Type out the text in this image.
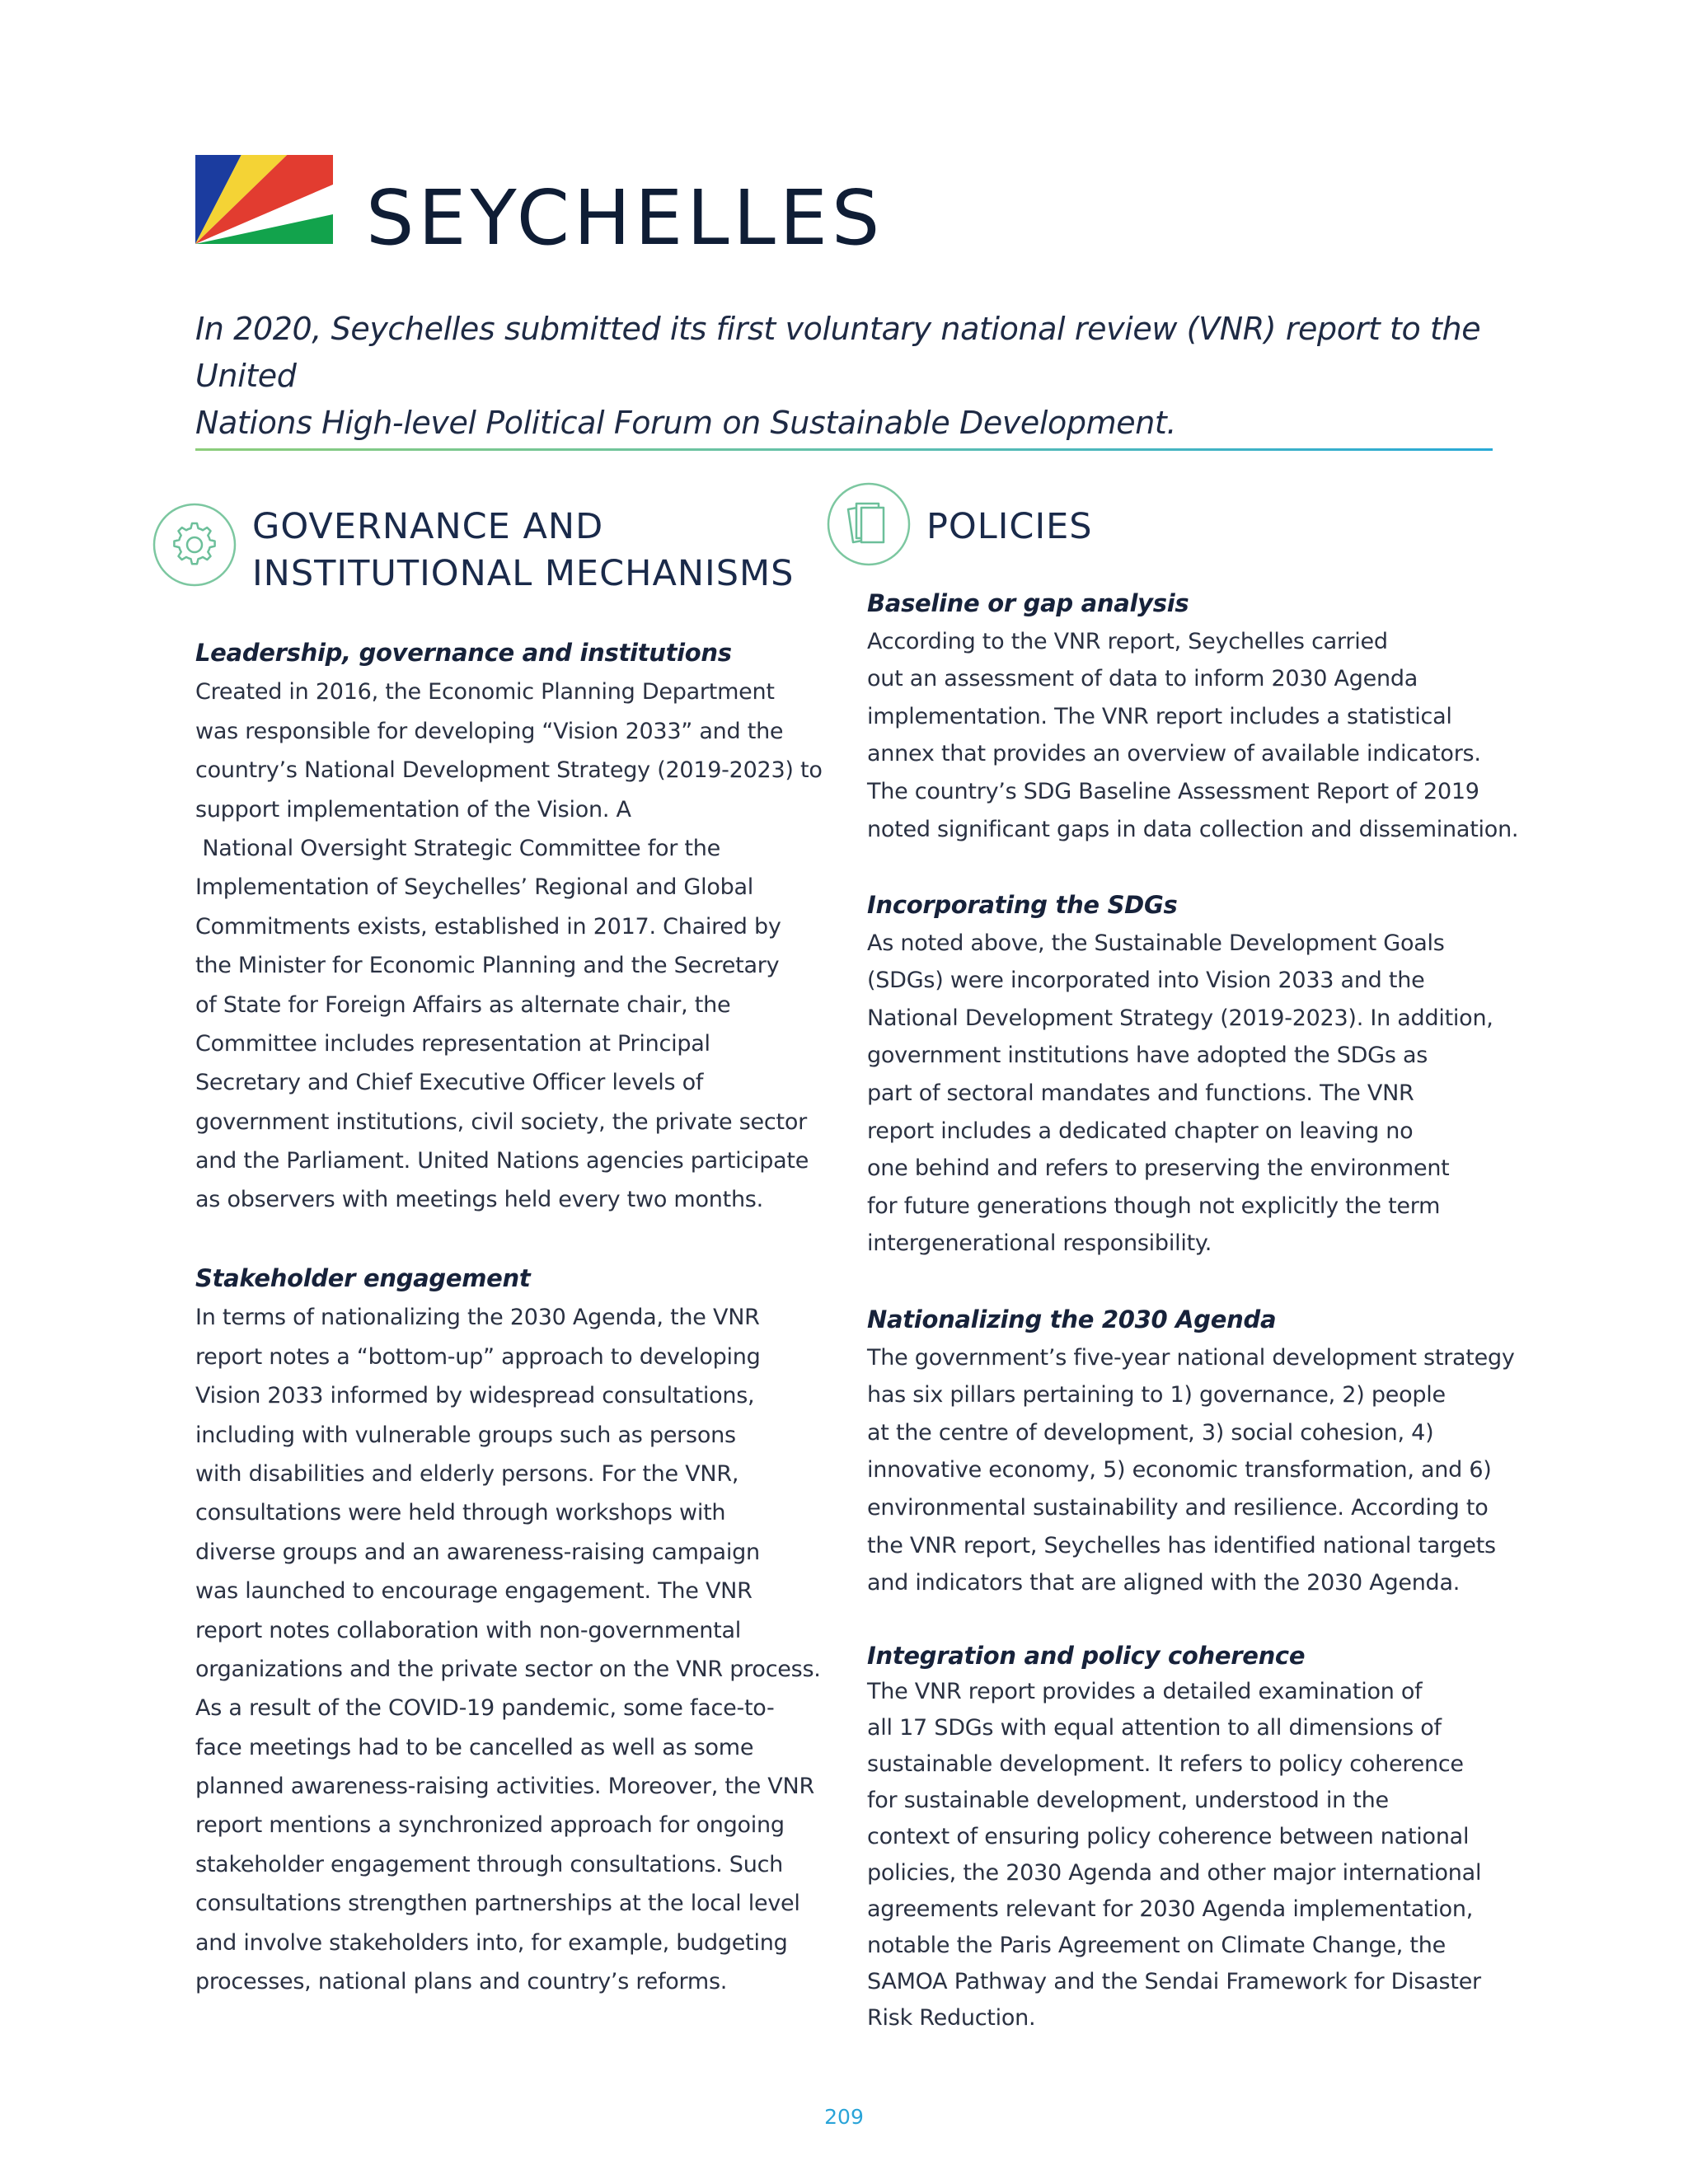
SEYCHELLES

In 2020, Seychelles submitted its first voluntary national review (VNR) report to the United
Nations High-level Political Forum on Sustainable Development.

GOVERNANCE AND
INSTITUTIONAL MECHANISMS
Leadership, governance and institutions
Created in 2016, the Economic Planning Department
was responsible for developing “Vision 2033” and the
country’s National Development Strategy (2019-2023) to
support implementation of the Vision. A
National Oversight Strategic Committee for the
Implementation of Seychelles’ Regional and Global
Commitments exists, established in 2017. Chaired by
the Minister for Economic Planning and the Secretary
of State for Foreign Affairs as alternate chair, the
Committee includes representation at Principal
Secretary and Chief Executive Officer levels of
government institutions, civil society, the private sector
and the Parliament. United Nations agencies participate
as observers with meetings held every two months.
Stakeholder engagement
In terms of nationalizing the 2030 Agenda, the VNR
report notes a “bottom-up” approach to developing
Vision 2033 informed by widespread consultations,
including with vulnerable groups such as persons
with disabilities and elderly persons. For the VNR,
consultations were held through workshops with
diverse groups and an awareness-raising campaign
was launched to encourage engagement. The VNR
report notes collaboration with non-governmental
organizations and the private sector on the VNR process.
As a result of the COVID-19 pandemic, some face-to-
face meetings had to be cancelled as well as some
planned awareness-raising activities. Moreover, the VNR
report mentions a synchronized approach for ongoing
stakeholder engagement through consultations. Such
consultations strengthen partnerships at the local level
and involve stakeholders into, for example, budgeting
processes, national plans and country’s reforms.
POLICIES
Baseline or gap analysis
According to the VNR report, Seychelles carried
out an assessment of data to inform 2030 Agenda
implementation. The VNR report includes a statistical
annex that provides an overview of available indicators.
The country’s SDG Baseline Assessment Report of 2019
noted significant gaps in data collection and dissemination.
Incorporating the SDGs
As noted above, the Sustainable Development Goals
(SDGs) were incorporated into Vision 2033 and the
National Development Strategy (2019-2023). In addition,
government institutions have adopted the SDGs as
part of sectoral mandates and functions. The VNR
report includes a dedicated chapter on leaving no
one behind and refers to preserving the environment
for future generations though not explicitly the term
intergenerational responsibility.
Nationalizing the 2030 Agenda
The government’s five-year national development strategy
has six pillars pertaining to 1) governance, 2) people
at the centre of development, 3) social cohesion, 4)
innovative economy, 5) economic transformation, and 6)
environmental sustainability and resilience. According to
the VNR report, Seychelles has identified national targets
and indicators that are aligned with the 2030 Agenda.
Integration and policy coherence
The VNR report provides a detailed examination of
all 17 SDGs with equal attention to all dimensions of
sustainable development. It refers to policy coherence
for sustainable development, understood in the
context of ensuring policy coherence between national
policies, the 2030 Agenda and other major international
agreements relevant for 2030 Agenda implementation,
notable the Paris Agreement on Climate Change, the
SAMOA Pathway and the Sendai Framework for Disaster
Risk Reduction.
209
